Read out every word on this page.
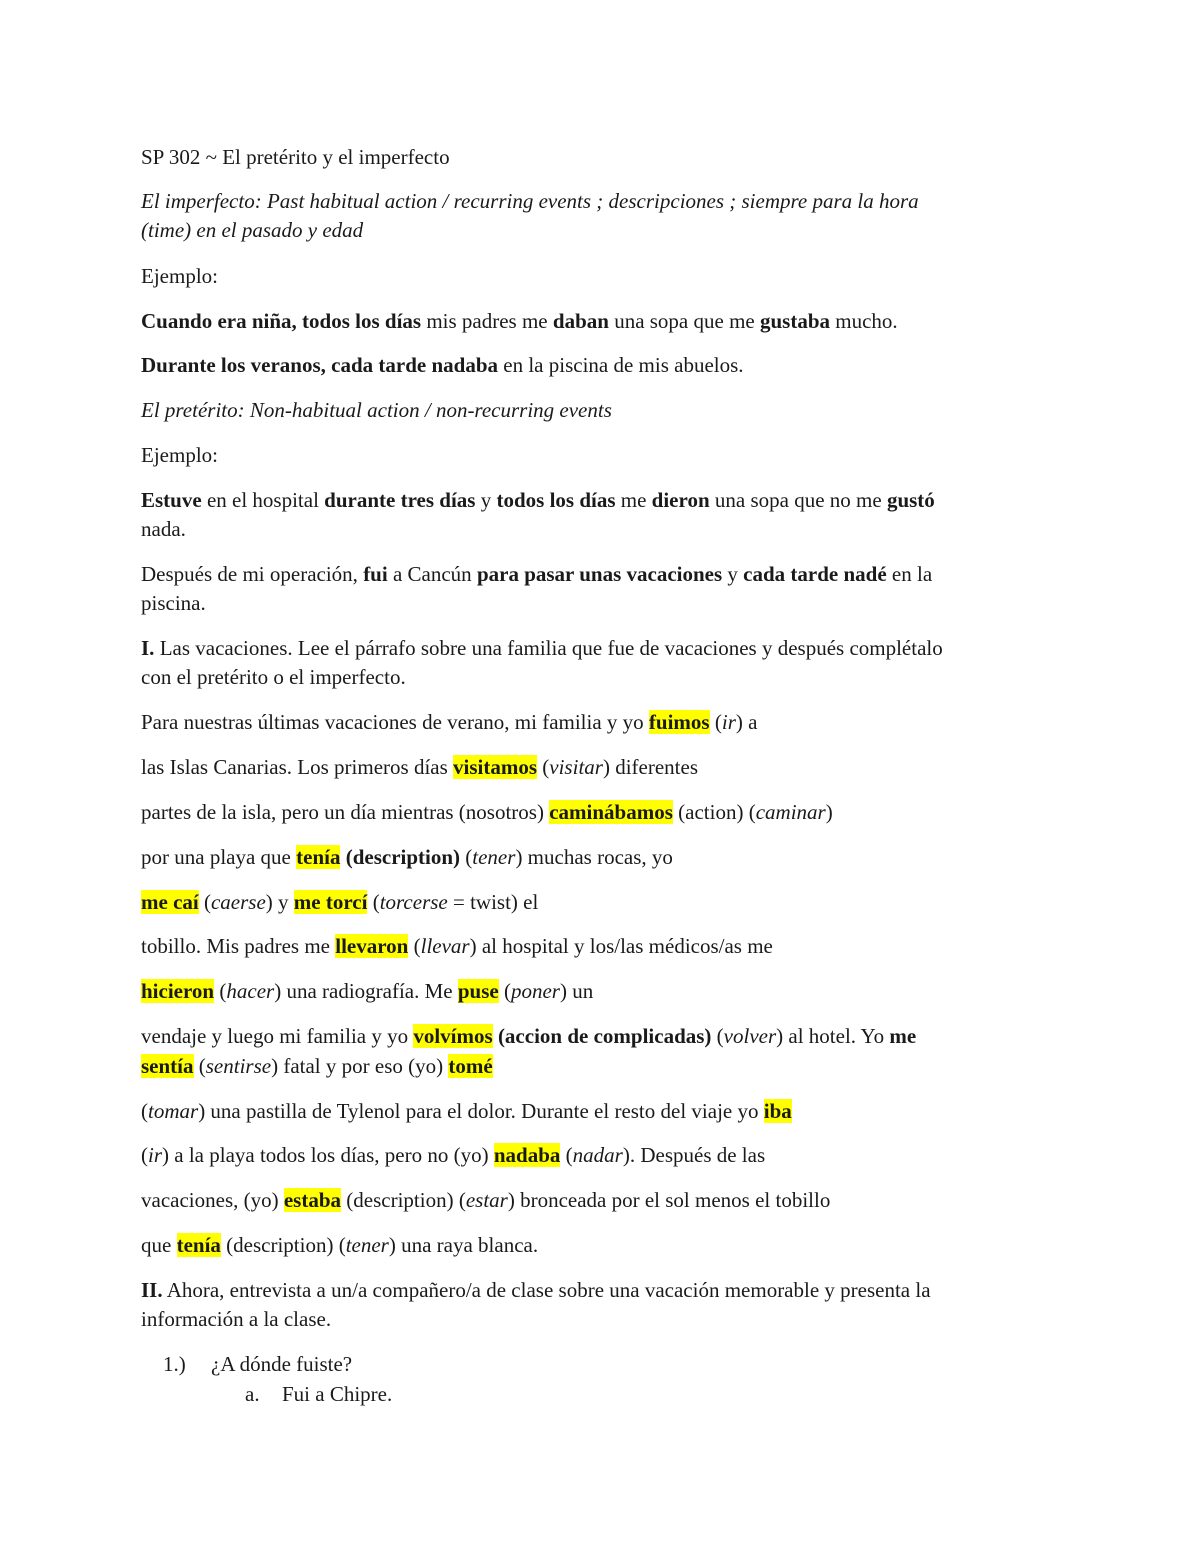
SP 302 ~ El pretérito y el imperfecto
El imperfecto: Past habitual action / recurring events ; descripciones ; siempre para la hora
(time) en el pasado y edad
Ejemplo:
Cuando era niña, todos los días mis padres me daban una sopa que me gustaba mucho.
Durante los veranos, cada tarde nadaba en la piscina de mis abuelos.
El pretérito: Non-habitual action / non-recurring events
Ejemplo:
Estuve en el hospital durante tres días y todos los días me dieron una sopa que no me gustó
nada.
Después de mi operación, fui a Cancún para pasar unas vacaciones y cada tarde nadé en la
piscina.
I. Las vacaciones. Lee el párrafo sobre una familia que fue de vacaciones y después complétalo
con el pretérito o el imperfecto.
Para nuestras últimas vacaciones de verano, mi familia y yo fuimos (ir) a
las Islas Canarias. Los primeros días visitamos (visitar) diferentes
partes de la isla, pero un día mientras (nosotros) caminábamos (action) (caminar)
por una playa que tenía (description) (tener) muchas rocas, yo
me caí (caerse) y me torcí (torcerse = twist) el
tobillo. Mis padres me llevaron (llevar) al hospital y los/las médicos/as me
hicieron (hacer) una radiografía. Me puse (poner) un
vendaje y luego mi familia y yo volvímos (accion de complicadas) (volver) al hotel. Yo me
sentía (sentirse) fatal y por eso (yo) tomé
(tomar) una pastilla de Tylenol para el dolor. Durante el resto del viaje yo iba
(ir) a la playa todos los días, pero no (yo) nadaba (nadar). Después de las
vacaciones, (yo) estaba (description) (estar) bronceada por el sol menos el tobillo
que tenía (description) (tener) una raya blanca.
II. Ahora, entrevista a un/a compañero/a de clase sobre una vacación memorable y presenta la
información a la clase.
1.) ¿A dónde fuiste?
a. Fui a Chipre.
